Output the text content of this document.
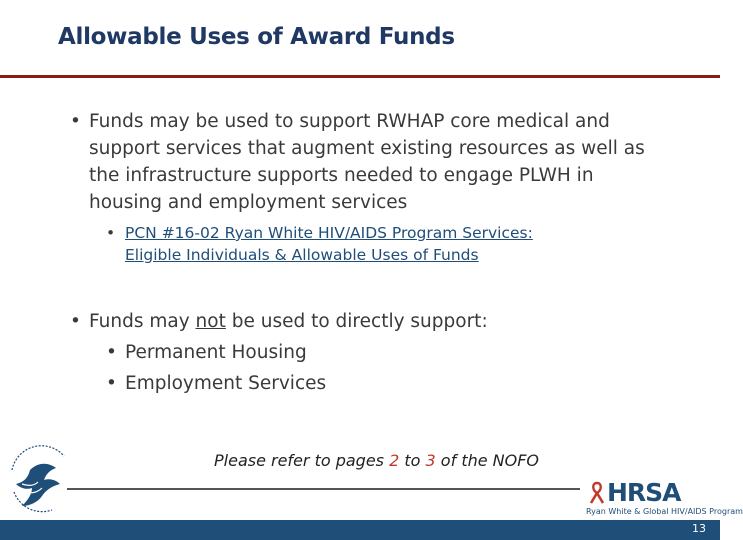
Allowable Uses of Award Funds
• Funds may be used to support RWHAP core medical and support services that augment existing resources as well as the infrastructure supports needed to engage PLWH in housing and employment services
• PCN #16-02 Ryan White HIV/AIDS Program Services:
Eligible Individuals & Allowable Uses of Funds
• Funds may not be used to directly support:
• Permanent Housing
• Employment Services
Please refer to pages 2 to 3 of the NOFO
HRSA
Ryan White & Global HIV/AIDS Program
13
